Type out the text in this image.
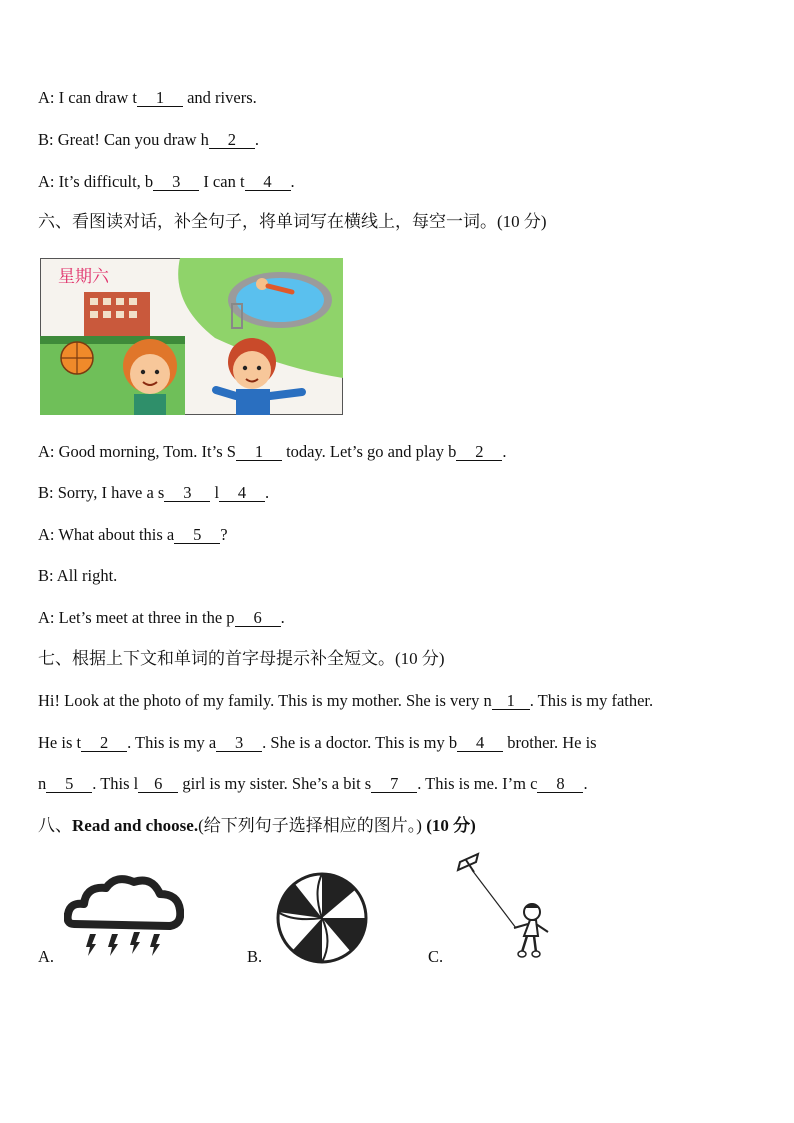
A: I can draw t 1 and rivers.
B: Great! Can you draw h 2 .
A: It’s difficult, b 3 I can t 4 .
六、看图读对话，补全句子，将单词写在横线上，每空一词。(10 分)
星期六
A: Good morning, Tom. It’s S 1 today. Let’s go and play b 2 .
B: Sorry, I have a s 3 l 4 .
A: What about this a 5 ?
B: All right.
A: Let’s meet at three in the p 6 .
七、根据上下文和单词的首字母提示补全短文。(10 分)
Hi! Look at the photo of my family. This is my mother. She is very n 1 . This is my father.
He is t 2 . This is my a 3 . She is a doctor. This is my b 4 brother. He is
n 5 . This l 6 girl is my sister. She’s a bit s 7 . This is me. I’m c 8 .
八、Read and choose.(给下列句子选择相应的图片。) (10 分)
A.	B.	C.
